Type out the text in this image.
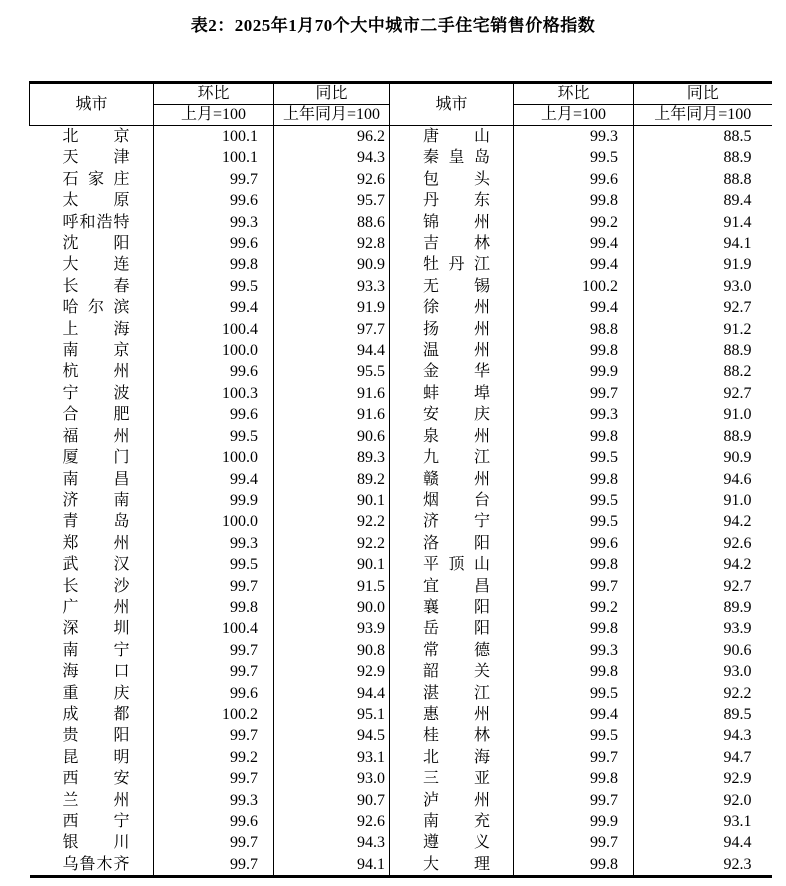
表2：2025年1月70个大中城市二手住宅销售价格指数
城市	环比	同比	城市	环比	同比
	上月=100	上年同月=100		上月=100	上年同月=100

北 京	100.1	96.2	唐 山	99.3	88.5

天 津	100.1	94.3	秦 皇 岛	99.5	88.9

石 家 庄	99.7	92.6	包 头	99.6	88.8

太 原	99.6	95.7	丹 东	99.8	89.4

呼 和 浩 特	99.3	88.6	锦 州	99.2	91.4

沈 阳	99.6	92.8	吉 林	99.4	94.1

大 连	99.8	90.9	牡 丹 江	99.4	91.9

长 春	99.5	93.3	无 锡	100.2	93.0

哈 尔 滨	99.4	91.9	徐 州	99.4	92.7

上 海	100.4	97.7	扬 州	98.8	91.2

南 京	100.0	94.4	温 州	99.8	88.9

杭 州	99.6	95.5	金 华	99.9	88.2

宁 波	100.3	91.6	蚌 埠	99.7	92.7

合 肥	99.6	91.6	安 庆	99.3	91.0

福 州	99.5	90.6	泉 州	99.8	88.9

厦 门	100.0	89.3	九 江	99.5	90.9

南 昌	99.4	89.2	赣 州	99.8	94.6

济 南	99.9	90.1	烟 台	99.5	91.0

青 岛	100.0	92.2	济 宁	99.5	94.2

郑 州	99.3	92.2	洛 阳	99.6	92.6

武 汉	99.5	90.1	平 顶 山	99.8	94.2

长 沙	99.7	91.5	宜 昌	99.7	92.7

广 州	99.8	90.0	襄 阳	99.2	89.9

深 圳	100.4	93.9	岳 阳	99.8	93.9

南 宁	99.7	90.8	常 德	99.3	90.6

海 口	99.7	92.9	韶 关	99.8	93.0

重 庆	99.6	94.4	湛 江	99.5	92.2

成 都	100.2	95.1	惠 州	99.4	89.5

贵 阳	99.7	94.5	桂 林	99.5	94.3

昆 明	99.2	93.1	北 海	99.7	94.7

西 安	99.7	93.0	三 亚	99.8	92.9

兰 州	99.3	90.7	泸 州	99.7	92.0

西 宁	99.6	92.6	南 充	99.9	93.1

银 川	99.7	94.3	遵 义	99.7	94.4

乌 鲁 木 齐	99.7	94.1	大 理	99.8	92.3
